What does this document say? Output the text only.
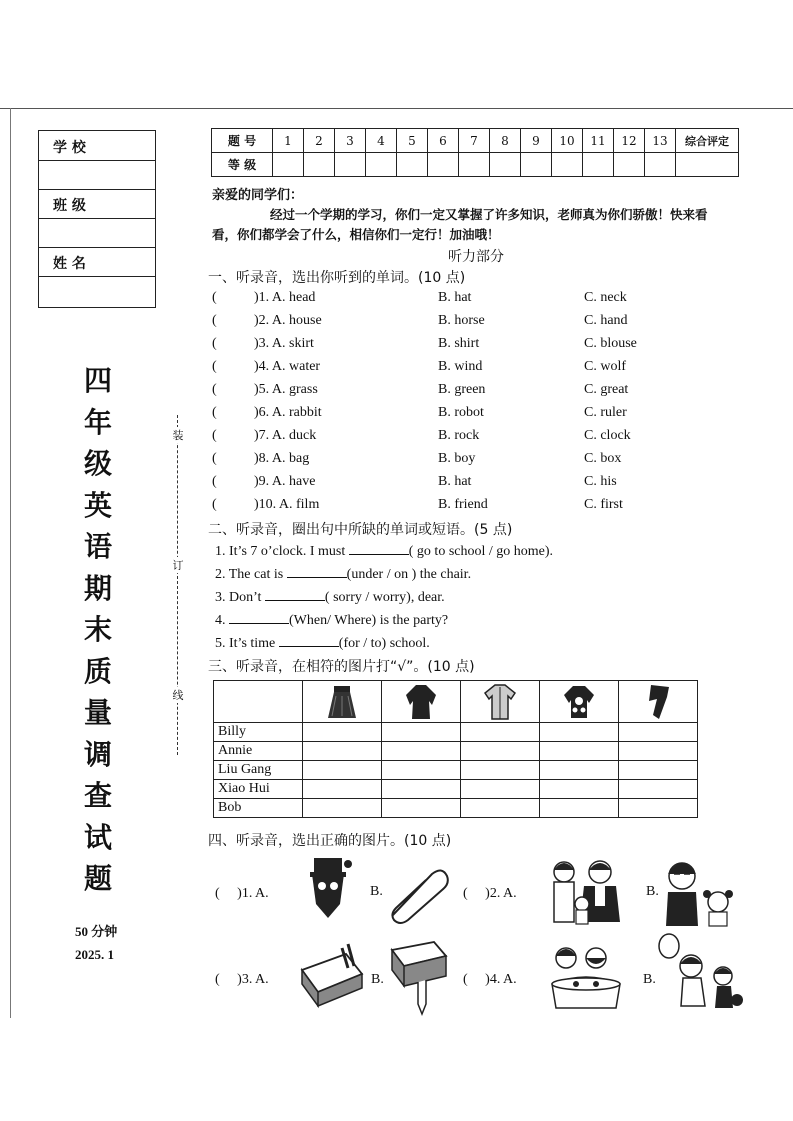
学 校
班 级
姓 名
四
年
级
英
语
期
末
质
量
调
查
试
题
50 分钟
2025. 1
装
订
线
题 号	1	2	3	4	5	6	7	8	9	10	11	12	13	综合评定
等 级														
亲爱的同学们：
经过一个学期的学习，你们一定又掌握了许多知识，老师真为你们骄傲！快来看
看，你们都学会了什么，相信你们一定行！加油哦！
听力部分
一、听录音，选出你听到的单词。(10 点)
(	)1. A. head	B. hat	C. neck
(	)2. A. house	B. horse	C. hand
(	)3. A. skirt	B. shirt	C. blouse
(	)4. A. water	B. wind	C. wolf
(	)5. A. grass	B. green	C. great
(	)6. A. rabbit	B. robot	C. ruler
(	)7. A. duck	B. rock	C. clock
(	)8. A. bag	B. boy	C. box
(	)9. A. have	B. hat	C. his
(	)10. A. film	B. friend	C. first
二、听录音，圈出句中所缺的单词或短语。(5 点)
1. It’s 7 o’clock. I must	( go to school / go home).
2. The cat is	(under / on ) the chair.
3. Don’t	( sorry / worry), dear.
4.	(When/ Where) is the party?
5. It’s time	(for / to) school.
三、听录音，在相符的图片打“√”。(10 点)

Billy					
Annie					
Liu Gang					
Xiao Hui					
Bob					
四、听录音，选出正确的图片。(10 点)
(     )1. A.	B.	(     )2. A.	B.
(     )3. A.	B.	(     )4. A.	B.
